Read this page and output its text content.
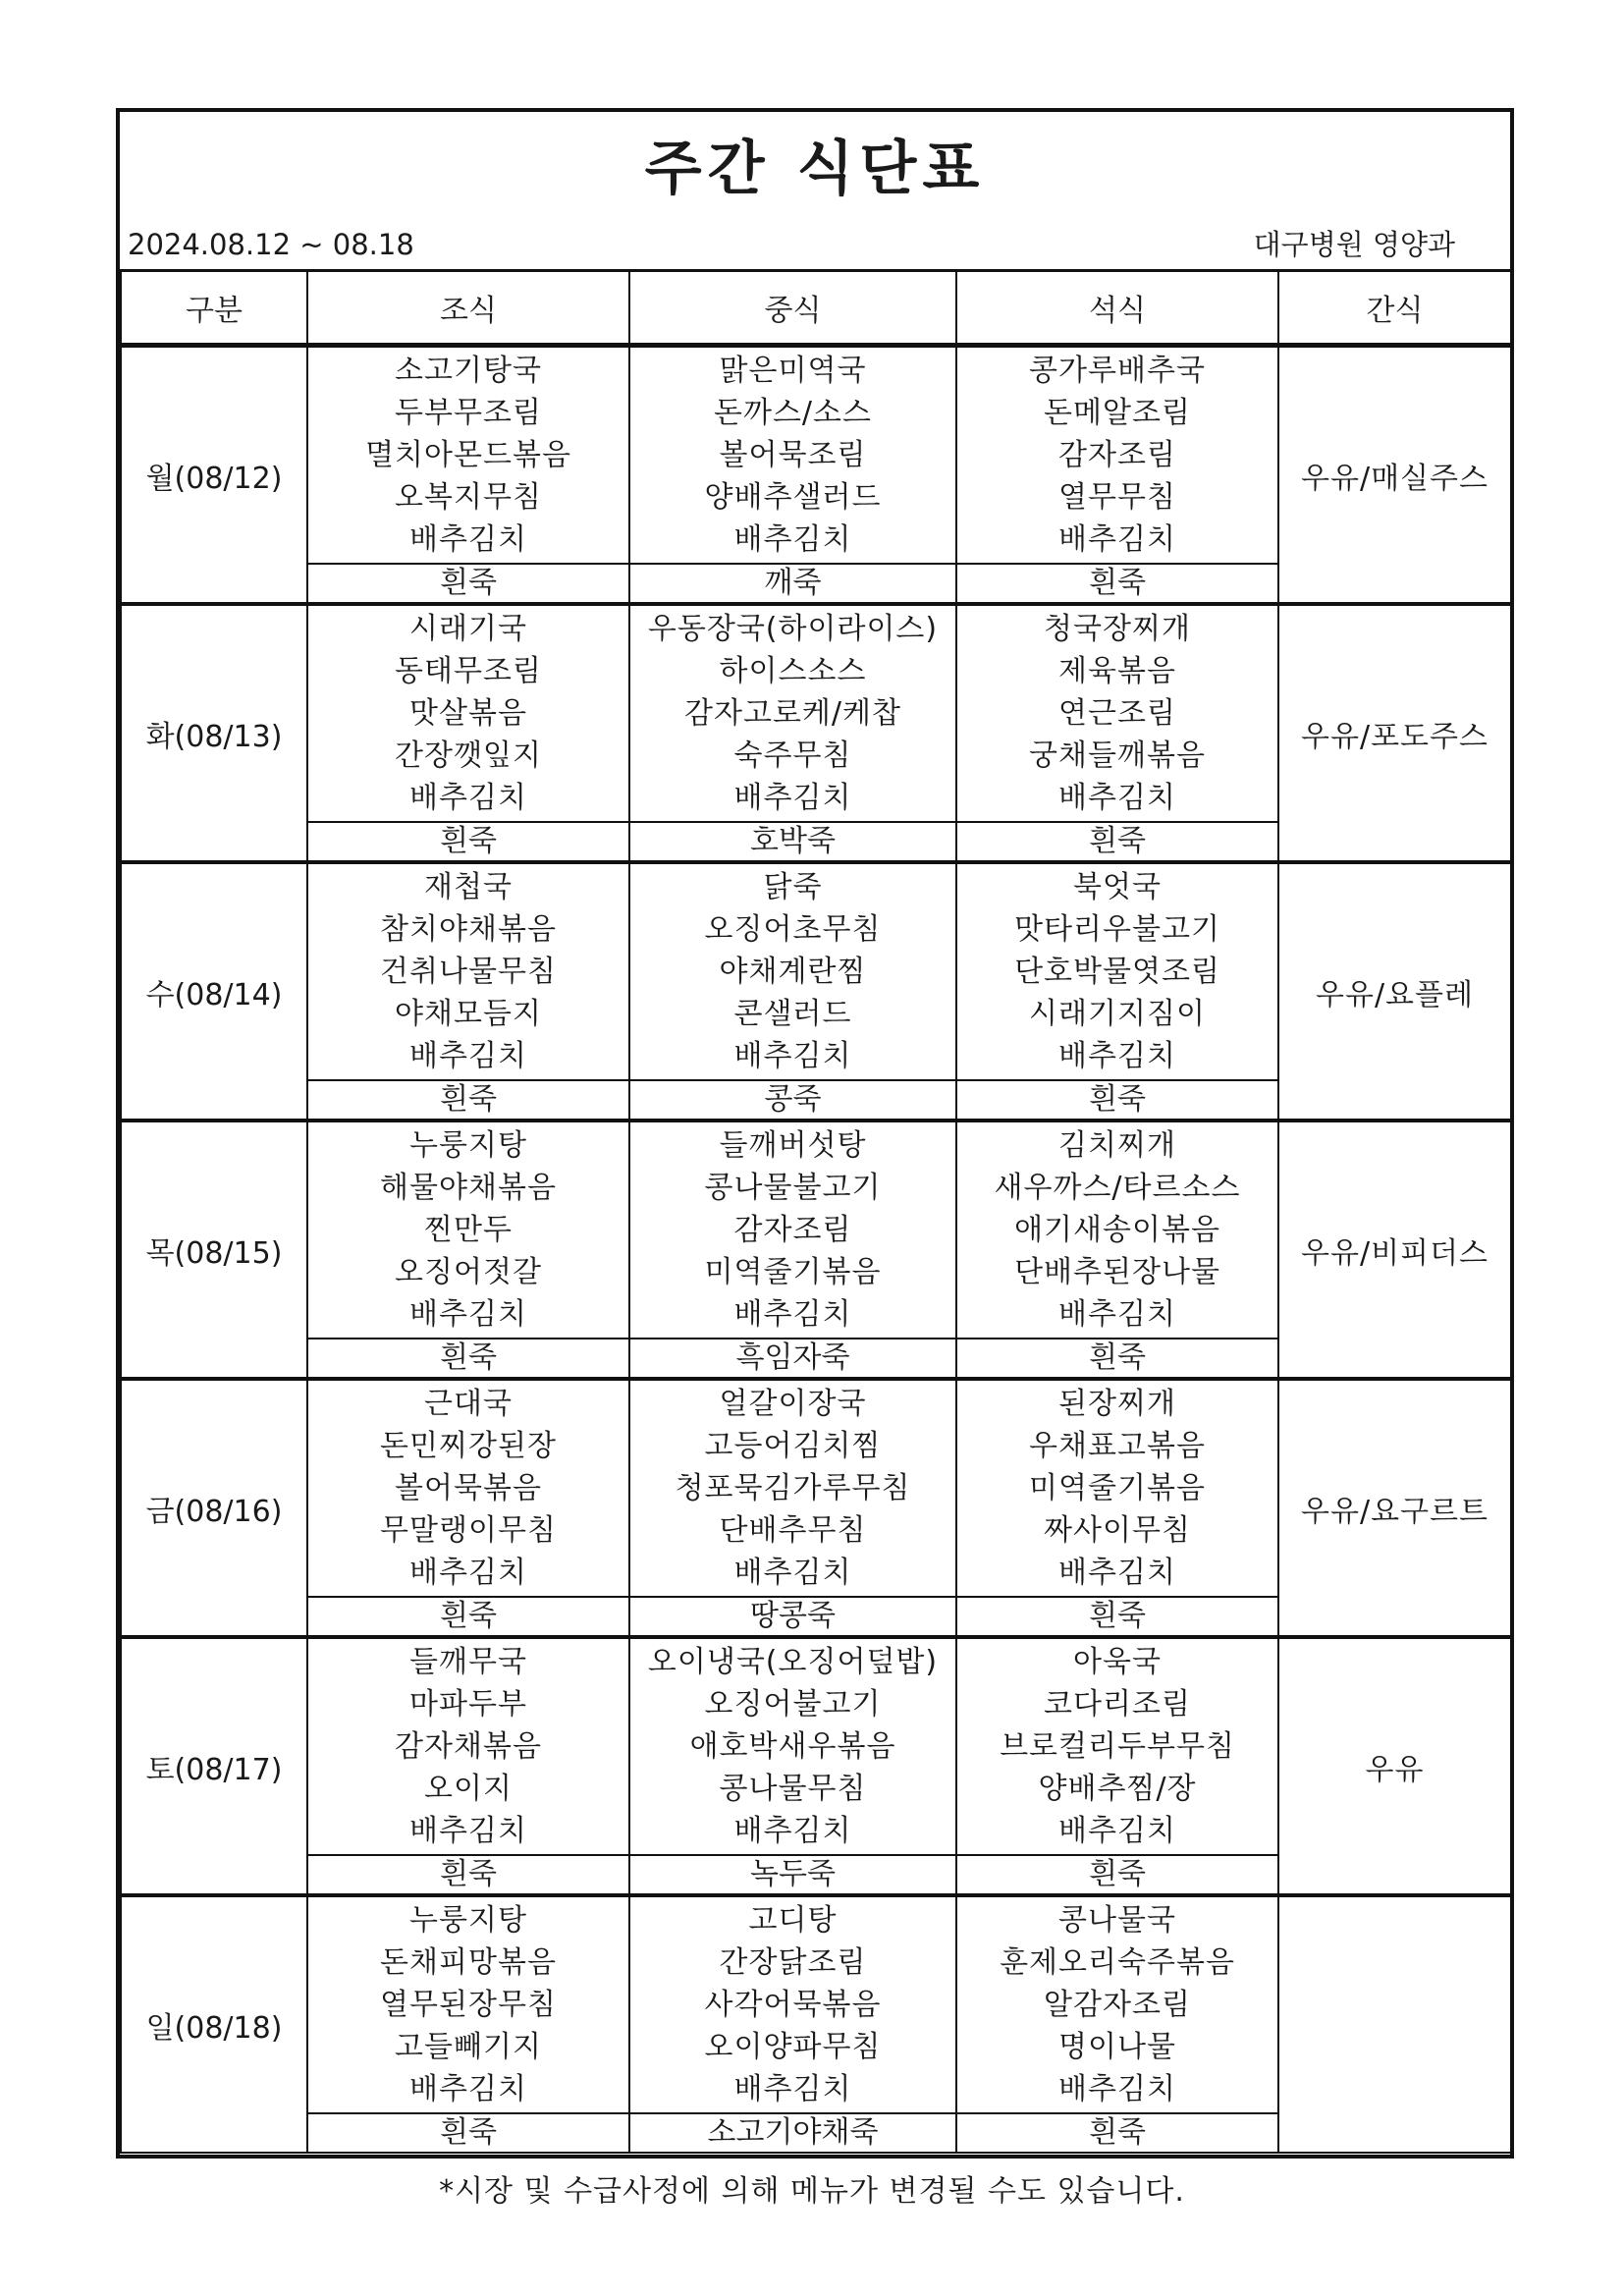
주간 식단표
2024.08.12 ~ 08.18	대구병원 영양과
구분	조식	중식	석식	간식
월(08/12)	소고기탕국
두부무조림
멸치아몬드볶음
오복지무침
배추김치	맑은미역국
돈까스/소스
볼어묵조림
양배추샐러드
배추김치	콩가루배추국
돈메알조림
감자조림
열무무침
배추김치	우유/매실주스
	흰죽	깨죽	흰죽	
화(08/13)	시래기국
동태무조림
맛살볶음
간장깻잎지
배추김치	우동장국(하이라이스)
하이스소스
감자고로케/케찹
숙주무침
배추김치	청국장찌개
제육볶음
연근조림
궁채들깨볶음
배추김치	우유/포도주스
	흰죽	호박죽	흰죽	
수(08/14)	재첩국
참치야채볶음
건취나물무침
야채모듬지
배추김치	닭죽
오징어초무침
야채계란찜
콘샐러드
배추김치	북엇국
맛타리우불고기
단호박물엿조림
시래기지짐이
배추김치	우유/요플레
	흰죽	콩죽	흰죽	
목(08/15)	누룽지탕
해물야채볶음
찐만두
오징어젓갈
배추김치	들깨버섯탕
콩나물불고기
감자조림
미역줄기볶음
배추김치	김치찌개
새우까스/타르소스
애기새송이볶음
단배추된장나물
배추김치	우유/비피더스
	흰죽	흑임자죽	흰죽	
금(08/16)	근대국
돈민찌강된장
볼어묵볶음
무말랭이무침
배추김치	얼갈이장국
고등어김치찜
청포묵김가루무침
단배추무침
배추김치	된장찌개
우채표고볶음
미역줄기볶음
짜사이무침
배추김치	우유/요구르트
	흰죽	땅콩죽	흰죽	
토(08/17)	들깨무국
마파두부
감자채볶음
오이지
배추김치	오이냉국(오징어덮밥)
오징어불고기
애호박새우볶음
콩나물무침
배추김치	아욱국
코다리조림
브로컬리두부무침
양배추찜/장
배추김치	우유
	흰죽	녹두죽	흰죽	
일(08/18)	누룽지탕
돈채피망볶음
열무된장무침
고들빼기지
배추김치	고디탕
간장닭조림
사각어묵볶음
오이양파무침
배추김치	콩나물국
훈제오리숙주볶음
알감자조림
명이나물
배추김치	

	흰죽	소고기야채죽	흰죽	
*시장 및 수급사정에 의해 메뉴가 변경될 수도 있습니다.
